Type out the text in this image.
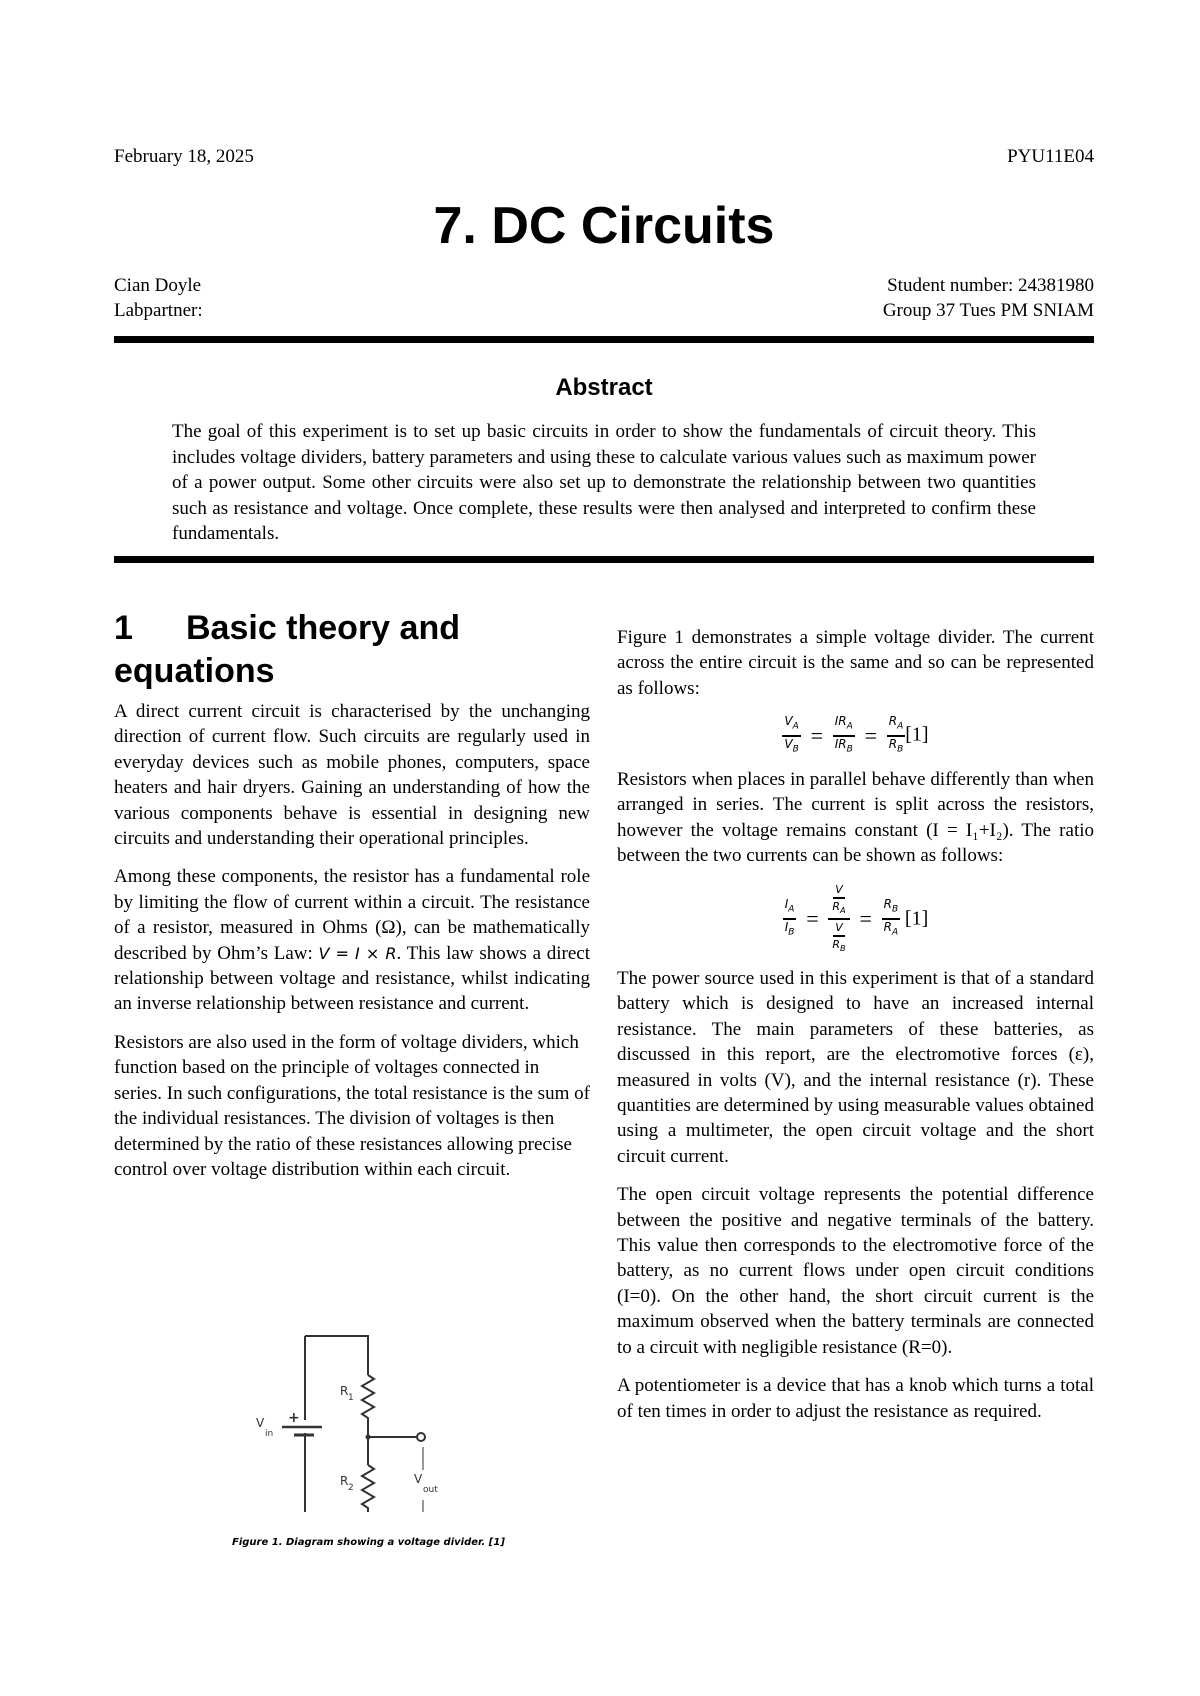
February 18, 2025	PYU11E04
7. DC Circuits
Cian Doyle	Student number: 24381980
Labpartner:	Group 37 Tues PM SNIAM
Abstract
The goal of this experiment is to set up basic circuits in order to show the fundamentals of circuit theory. This includes voltage dividers, battery parameters and using these to calculate various values such as maximum power of a power output. Some other circuits were also set up to demonstrate the relationship between two quantities such as resistance and voltage. Once complete, these results were then analysed and interpreted to confirm these fundamentals.
1 Basic theory and equations

A direct current circuit is characterised by the unchanging direction of current flow. Such circuits are regularly used in everyday devices such as mobile phones, computers, space heaters and hair dryers. Gaining an understanding of how the various components behave is essential in designing new circuits and understanding their operational principles.

Among these components, the resistor has a fundamental role by limiting the flow of current within a circuit. The resistance of a resistor, measured in Ohms (Ω), can be mathematically described by Ohm’s Law: V = I × R. This law shows a direct relationship between voltage and resistance, whilst indicating an inverse relationship between resistance and current.

Resistors are also used in the form of voltage dividers, which function based on the principle of voltages connected in series. In such configurations, the total resistance is the sum of the individual resistances. The division of voltages is then determined by the ratio of these resistances allowing precise control over voltage distribution within each circuit.

+
V
in
R 1
R 2
V
out
Figure 1. Diagram showing a voltage divider. [1]

Figure 1 demonstrates a simple voltage divider. The current across the entire circuit is the same and so can be represented as follows:

$\frac{V_A}{V_B} = \frac{IR_A}{IR_B} = \frac{R_A}{R_B} [1]$

Resistors when places in parallel behave differently than when arranged in series. The current is split across the resistors, however the voltage remains constant (I = I₁+I₂). The ratio between the two currents can be shown as follows:

$\frac{I_A}{I_B} = \frac{\frac{V}{R_A}}{\frac{V}{R_B}} = \frac{R_B}{R_A} [1]$

The power source used in this experiment is that of a standard battery which is designed to have an increased internal resistance. The main parameters of these batteries, as discussed in this report, are the electromotive forces (ε), measured in volts (V), and the internal resistance (r). These quantities are determined by using measurable values obtained using a multimeter, the open circuit voltage and the short circuit current.

The open circuit voltage represents the potential difference between the positive and negative terminals of the battery. This value then corresponds to the electromotive force of the battery, as no current flows under open circuit conditions (I=0). On the other hand, the short circuit current is the maximum observed when the battery terminals are connected to a circuit with negligible resistance (R=0).

A potentiometer is a device that has a knob which turns a total of ten times in order to adjust the resistance as required.
